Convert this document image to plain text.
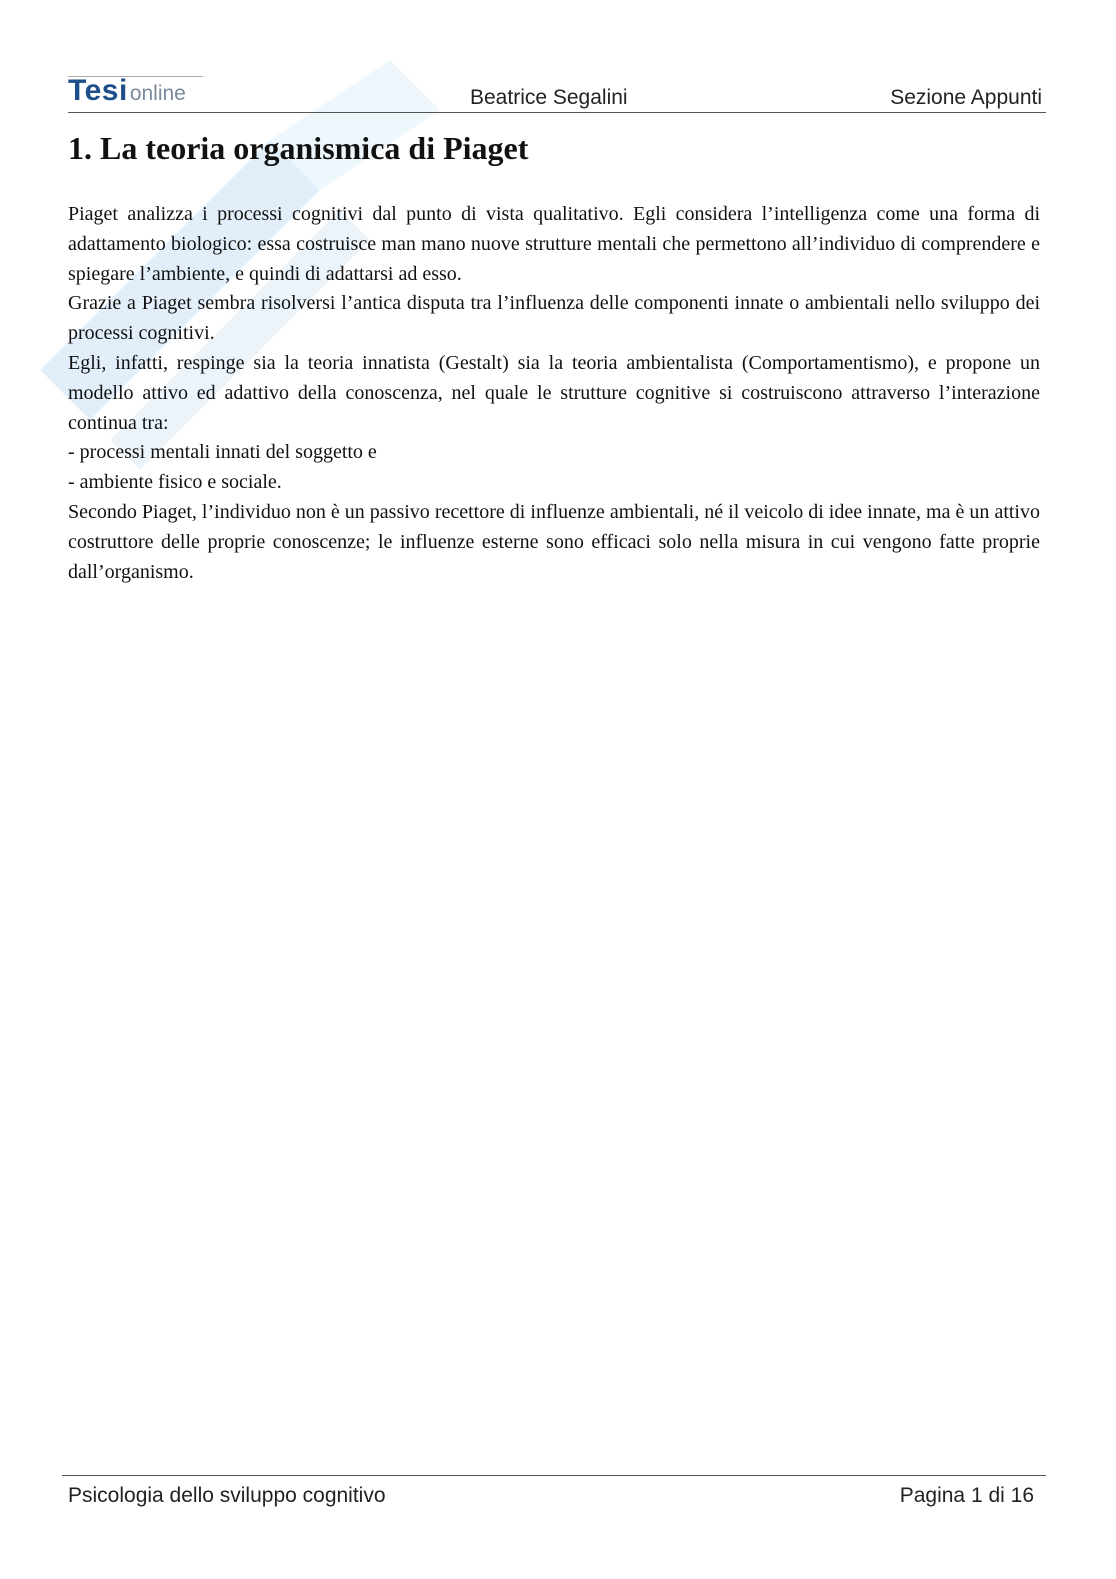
Tesionline	Beatrice Segalini	Sezione Appunti
1. La teoria organismica di Piaget

Piaget analizza i processi cognitivi dal punto di vista qualitativo. Egli considera l’intelligenza come una forma di adattamento biologico: essa costruisce man mano nuove strutture mentali che permettono all’individuo di comprendere e spiegare l’ambiente, e quindi di adattarsi ad esso.

Grazie a Piaget sembra risolversi l’antica disputa tra l’influenza delle componenti innate o ambientali nello sviluppo dei processi cognitivi.

Egli, infatti, respinge sia la teoria innatista (Gestalt) sia la teoria ambientalista (Comportamentismo), e propone un modello attivo ed adattivo della conoscenza, nel quale le strutture cognitive si costruiscono attraverso l’interazione continua tra:

- processi mentali innati del soggetto e

- ambiente fisico e sociale.

Secondo Piaget, l’individuo non è un passivo recettore di influenze ambientali, né il veicolo di idee innate, ma è un attivo costruttore delle proprie conoscenze; le influenze esterne sono efficaci solo nella misura in cui vengono fatte proprie dall’organismo.

Psicologia dello sviluppo cognitivo	Pagina 1 di 16
